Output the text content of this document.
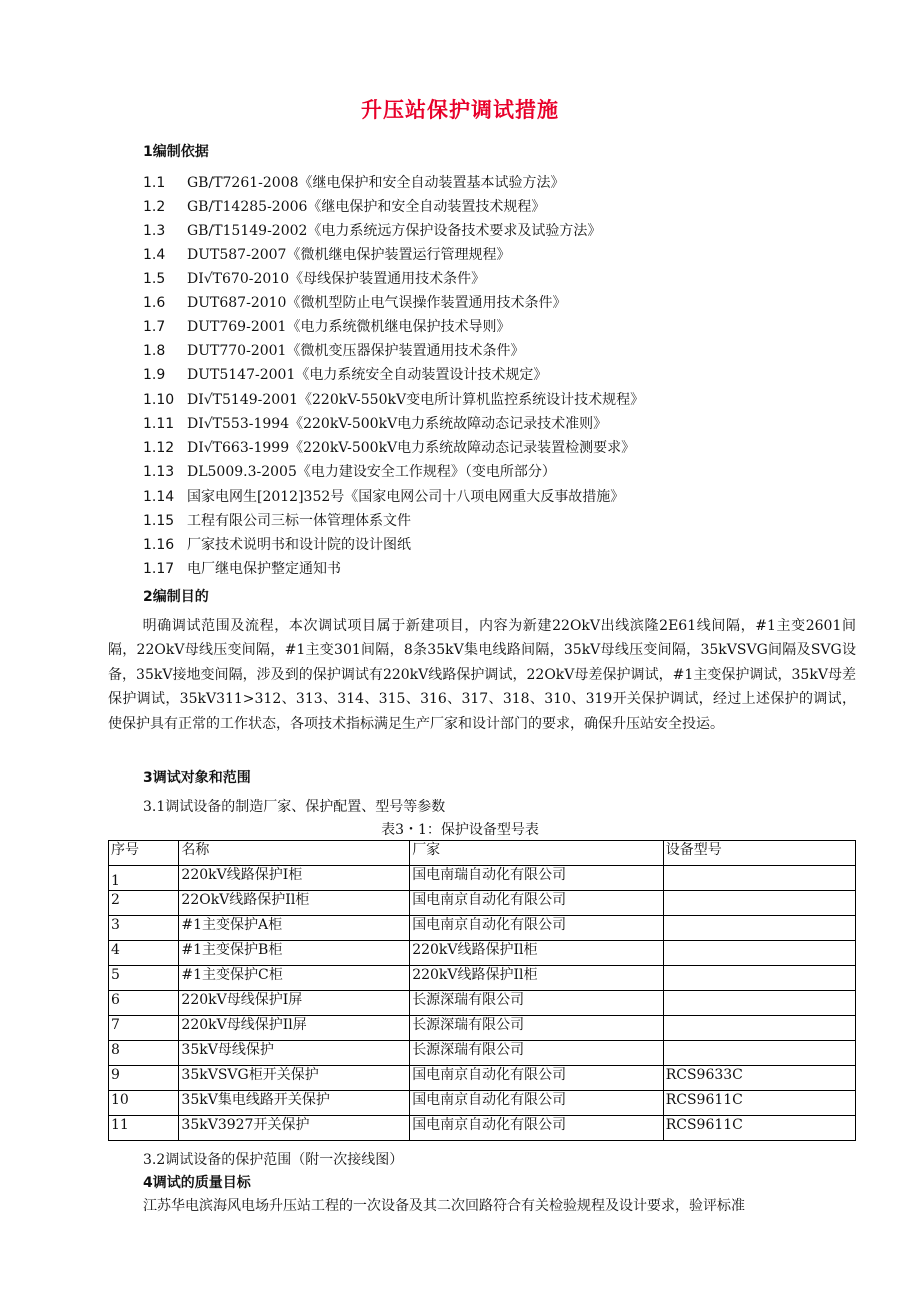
升压站保护调试措施
1编制依据
1.1 GB/T7261-2008《继电保护和安全自动装置基本试验方法》
1.2 GB/T14285-2006《继电保护和安全自动装置技术规程》
1.3 GB/T15149-2002《电力系统远方保护设备技术要求及试验方法》
1.4 DUT587-2007《微机继电保护装置运行管理规程》
1.5 DI√T670-2010《母线保护装置通用技术条件》
1.6 DUT687-2010《微机型防止电气误操作装置通用技术条件》
1.7 DUT769-2001《电力系统微机继电保护技术导则》
1.8 DUT770-2001《微机变压器保护装置通用技术条件》
1.9 DUT5147-2001《电力系统安全自动装置设计技术规定》
1.10 DI√T5149-2001《220kV-550kV变电所计算机监控系统设计技术规程》
1.11 DI√T553-1994《220kV-500kV电力系统故障动态记录技术准则》
1.12 DI√T663-1999《220kV-500kV电力系统故障动态记录装置检测要求》
1.13 DL5009.3-2005《电力建设安全工作规程》（变电所部分）
1.14 国家电网生[2012]352号《国家电网公司十八项电网重大反事故措施》
1.15 工程有限公司三标一体管理体系文件
1.16 厂家技术说明书和设计院的设计图纸
1.17 电厂继电保护整定通知书
2编制目的
明确调试范围及流程，本次调试项目属于新建项目，内容为新建22OkV出线滨隆2E61线间隔，#1主变2601间隔，22OkV母线压变间隔，#1主变301间隔，8条35kV集电线路间隔，35kV母线压变间隔，35kVSVG间隔及SVG设备，35kV接地变间隔，涉及到的保护调试有220kV线路保护调试，22OkV母差保护调试，#1主变保护调试，35kV母差保护调试，35kV311>312、313、314、315、316、317、318、310、319开关保护调试，经过上述保护的调试，使保护具有正常的工作状态，各项技术指标满足生产厂家和设计部门的要求，确保升压站安全投运。
3调试对象和范围
3.1调试设备的制造厂家、保护配置、型号等参数
表3・1：保护设备型号表
序号	名称	厂家	设备型号
1	220kV线路保护I柜	国电南瑞自动化有限公司	
2	22OkV线路保护Il柜	国电南京自动化有限公司	
3	#1主变保护A柜	国电南京自动化有限公司	
4	#1主变保护B柜	220kV线路保护Il柜	
5	#1主变保护C柜	220kV线路保护Il柜	
6	220kV母线保护I屏	长源深瑞有限公司	
7	220kV母线保护Il屏	长源深瑞有限公司	
8	35kV母线保护	长源深瑞有限公司	
9	35kVSVG柜开关保护	国电南京自动化有限公司	RCS9633C
10	35kV集电线路开关保护	国电南京自动化有限公司	RCS9611C
11	35kV3927开关保护	国电南京自动化有限公司	RCS9611C
3.2调试设备的保护范围（附一次接线图）
4调试的质量目标
江苏华电滨海风电场升压站工程的一次设备及其二次回路符合有关检验规程及设计要求，验评标准
